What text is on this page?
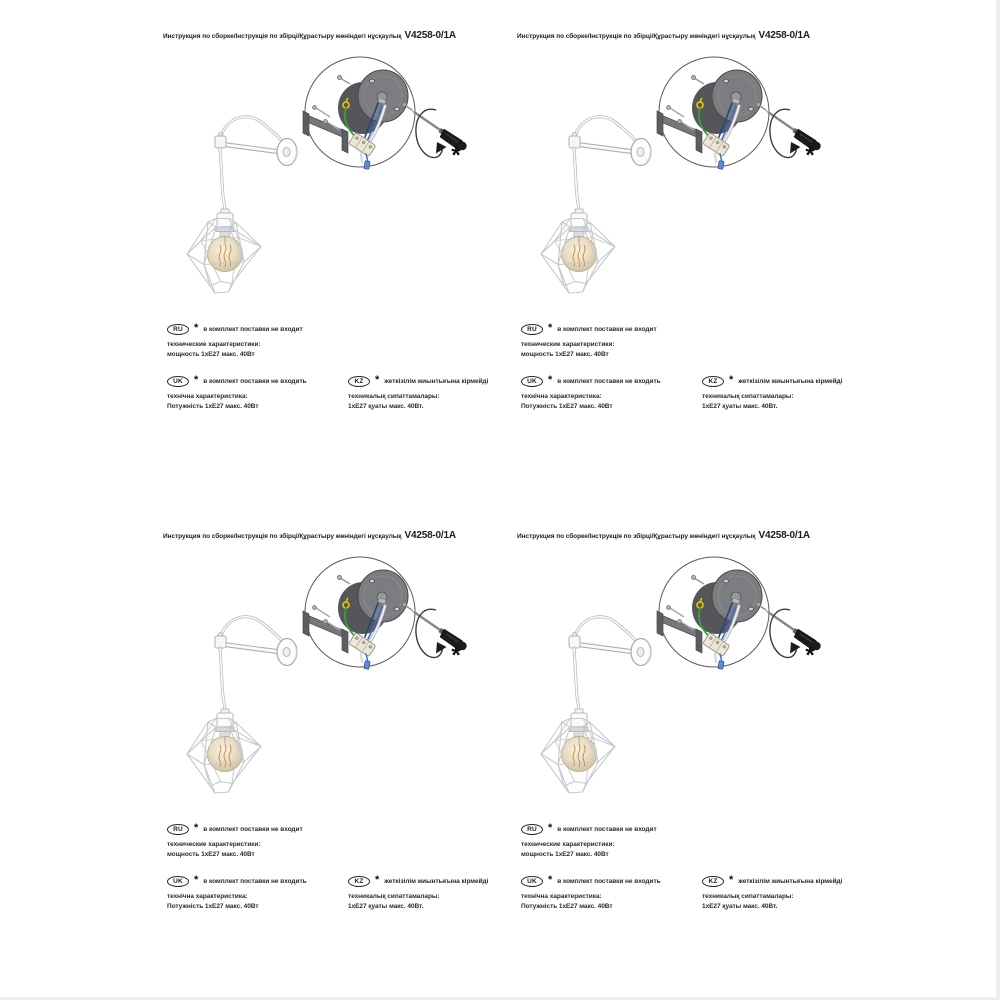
Инструкция по сборке/Інструкція по збірці/Құрастыру жөніндегі нұсқаулық V4258-0/1A
*
RU	* в комплект поставки не входит
технические характеристики:
мощность 1xE27 макс. 40Вт
UK	* в комплект поставки не входить
технічна характеристика:
Потужність 1xE27 макс. 40Вт
KZ	* жеткізілім жиынтығына кірмейді
техникалық сипаттамалары:
1xE27 қуаты макс. 40Вт.
Инструкция по сборке/Інструкція по збірці/Құрастыру жөніндегі нұсқаулық V4258-0/1A
*
RU	* в комплект поставки не входит
технические характеристики:
мощность 1xE27 макс. 40Вт
UK	* в комплект поставки не входить
технічна характеристика:
Потужність 1xE27 макс. 40Вт
KZ	* жеткізілім жиынтығына кірмейді
техникалық сипаттамалары:
1xE27 қуаты макс. 40Вт.
Инструкция по сборке/Інструкція по збірці/Құрастыру жөніндегі нұсқаулық V4258-0/1A
*
RU	* в комплект поставки не входит
технические характеристики:
мощность 1xE27 макс. 40Вт
UK	* в комплект поставки не входить
технічна характеристика:
Потужність 1xE27 макс. 40Вт
KZ	* жеткізілім жиынтығына кірмейді
техникалық сипаттамалары:
1xE27 қуаты макс. 40Вт.
Инструкция по сборке/Інструкція по збірці/Құрастыру жөніндегі нұсқаулық V4258-0/1A
*
RU	* в комплект поставки не входит
технические характеристики:
мощность 1xE27 макс. 40Вт
UK	* в комплект поставки не входить
технічна характеристика:
Потужність 1xE27 макс. 40Вт
KZ	* жеткізілім жиынтығына кірмейді
техникалық сипаттамалары:
1xE27 қуаты макс. 40Вт.
